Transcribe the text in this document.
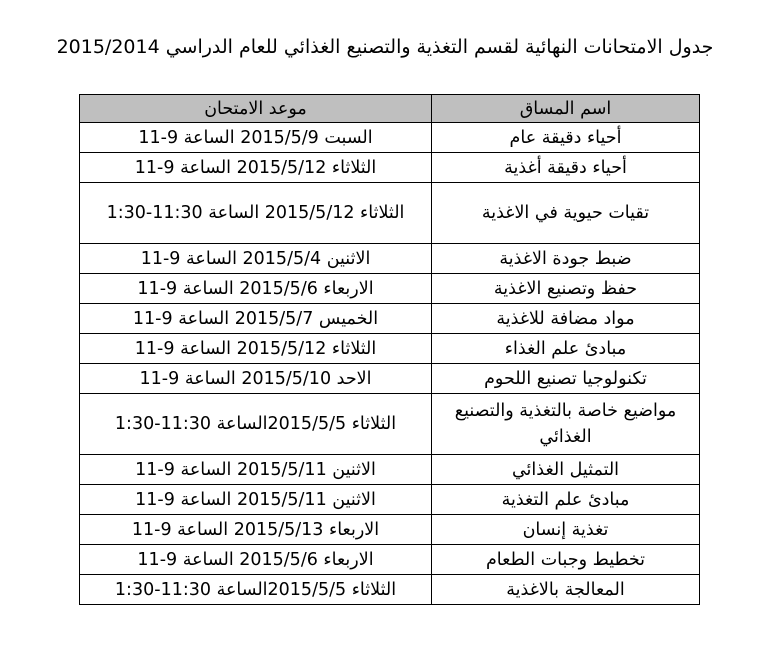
جدول الامتحانات النهائية لقسم التغذية والتصنيع الغذائي للعام الدراسي 2015/2014
اسم المساق	موعد الامتحان
أحياء دقيقة عام	السبت 2015/5/9 الساعة 9-11
أحياء دقيقة أغذية	الثلاثاء 2015/5/12 الساعة 9-11
تقيات حيوية في الاغذية	الثلاثاء 2015/5/12 الساعة 11:30-1:30
ضبط جودة الاغذية	الاثنين 2015/5/4 الساعة 9-11
حفظ وتصنيع الاغذية	الاربعاء 2015/5/6 الساعة 9-11
مواد مضافة للاغذية	الخميس 2015/5/7 الساعة 9-11
مبادئ علم الغذاء	الثلاثاء 2015/5/12 الساعة 9-11
تكنولوجيا تصنيع اللحوم	الاحد 2015/5/10 الساعة 9-11
مواضيع خاصة بالتغذية والتصنيع الغذائي	الثلاثاء 2015/5/5الساعة 11:30-1:30
التمثيل الغذائي	الاثنين 2015/5/11 الساعة 9-11
مبادئ علم التغذية	الاثنين 2015/5/11 الساعة 9-11
تغذية إنسان	الاربعاء 2015/5/13 الساعة 9-11
تخطيط وجبات الطعام	الاربعاء 2015/5/6 الساعة 9-11
المعالجة بالاغذية	الثلاثاء 2015/5/5الساعة 11:30-1:30
